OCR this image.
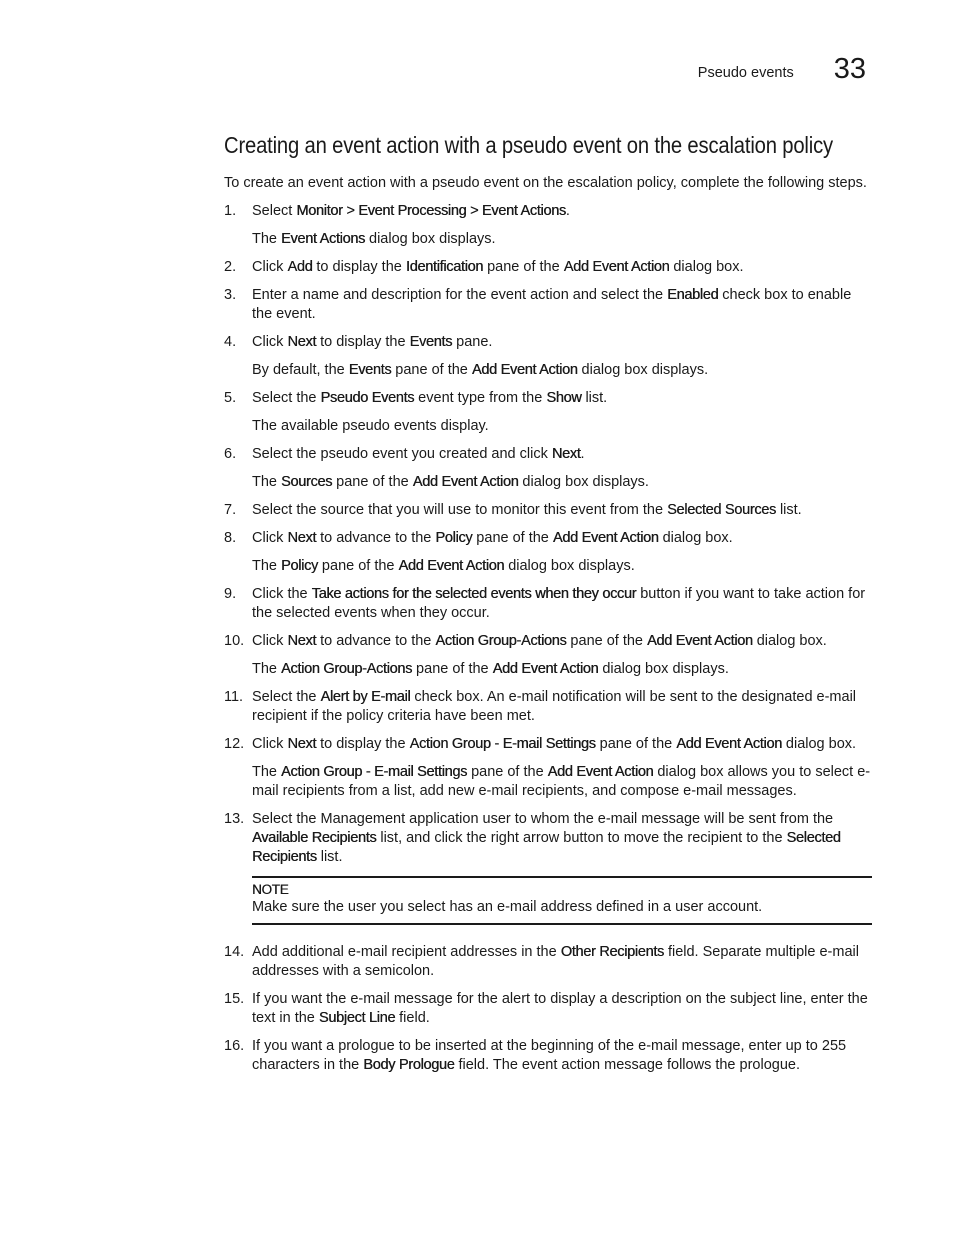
Pseudo events 33
Creating an event action with a pseudo event on the escalation policy

To create an event action with a pseudo event on the escalation policy, complete the following steps.

1.	Select Monitor > Event Processing > Event Actions.
The Event Actions dialog box displays.
2.	Click Add to display the Identification pane of the Add Event Action dialog box.
3.	Enter a name and description for the event action and select the Enabled check box to enable the event.
4.	Click Next to display the Events pane.
By default, the Events pane of the Add Event Action dialog box displays.
5.	Select the Pseudo Events event type from the Show list.
The available pseudo events display.
6.	Select the pseudo event you created and click Next.
The Sources pane of the Add Event Action dialog box displays.
7.	Select the source that you will use to monitor this event from the Selected Sources list.
8.	Click Next to advance to the Policy pane of the Add Event Action dialog box.
The Policy pane of the Add Event Action dialog box displays.
9.	Click the Take actions for the selected events when they occur button if you want to take action for the selected events when they occur.
10. Click Next to advance to the Action Group-Actions pane of the Add Event Action dialog box.
The Action Group-Actions pane of the Add Event Action dialog box displays.
11. Select the Alert by E-mail check box. An e-mail notification will be sent to the designated e-mail recipient if the policy criteria have been met.
12. Click Next to display the Action Group - E-mail Settings pane of the Add Event Action dialog box.
The Action Group - E-mail Settings pane of the Add Event Action dialog box allows you to select e-mail recipients from a list, add new e-mail recipients, and compose e-mail messages.
13. Select the Management application user to whom the e-mail message will be sent from the Available Recipients list, and click the right arrow button to move the recipient to the Selected Recipients list.
NOTE
Make sure the user you select has an e-mail address defined in a user account.
14. Add additional e-mail recipient addresses in the Other Recipients field. Separate multiple e-mail addresses with a semicolon.
15. If you want the e-mail message for the alert to display a description on the subject line, enter the text in the Subject Line field.
16. If you want a prologue to be inserted at the beginning of the e-mail message, enter up to 255 characters in the Body Prologue field. The event action message follows the prologue.
